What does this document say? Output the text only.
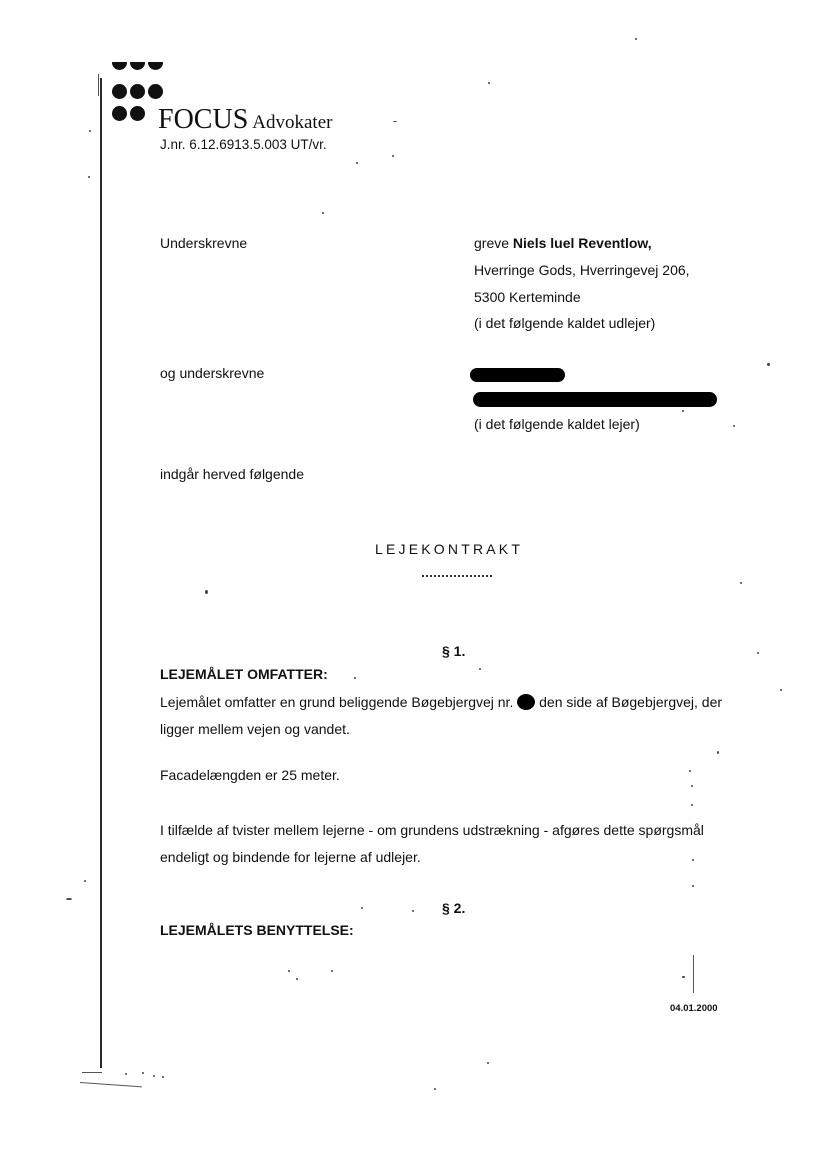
FOCUS Advokater
J.nr. 6.12.6913.5.003 UT/vr.
Underskrevne	greve Niels luel Reventlow,
Hverringe Gods, Hverringevej 206,
5300 Kerteminde
(i det følgende kaldet udlejer)
og underskrevne
(i det følgende kaldet lejer)
indgår herved følgende
LEJEKONTRAKT
§ 1.
LEJEMÅLET OMFATTER:
Lejemålet omfatter en grund beliggende Bøgebjergvej nr. den side af Bøgebjergvej, der
ligger mellem vejen og vandet.
Facadelængden er 25 meter.
I tilfælde af tvister mellem lejerne - om grundens udstrækning - afgøres dette spørgsmål
endeligt og bindende for lejerne af udlejer.
§ 2.
LEJEMÅLETS BENYTTELSE:
04.01.2000
